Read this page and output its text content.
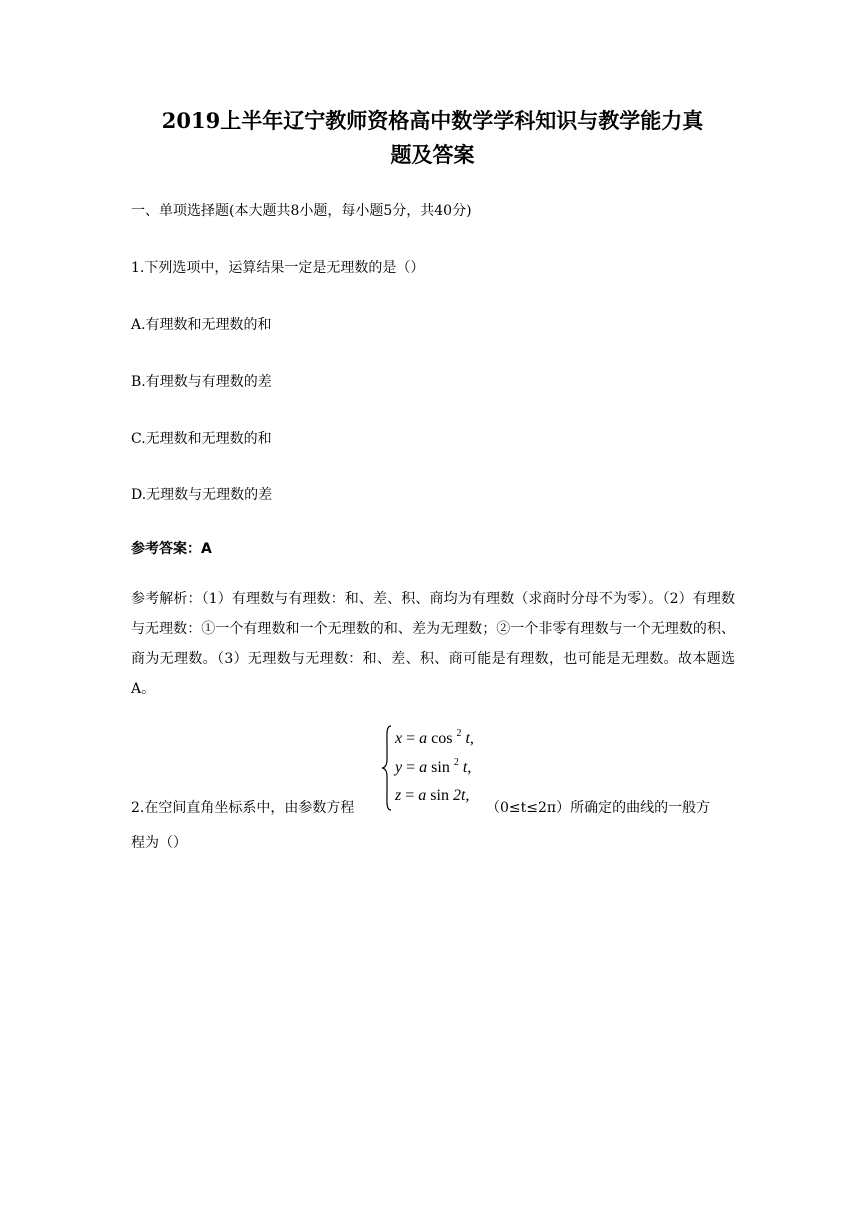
2019上半年辽宁教师资格高中数学学科知识与教学能力真
题及答案
一、单项选择题(本大题共8小题，每小题5分，共40分)
1.下列选项中，运算结果一定是无理数的是（）
A.有理数和无理数的和
B.有理数与有理数的差
C.无理数和无理数的和
D.无理数与无理数的差
参考答案：A
参考解析：（1）有理数与有理数：和、差、积、商均为有理数（求商时分母不为零）。（2）有理数与无理数：①一个有理数和一个无理数的和、差为无理数；②一个非零有理数与一个无理数的积、商为无理数。（3）无理数与无理数：和、差、积、商可能是有理数，也可能是无理数。故本题选A。
x = a cos $^2$ t,
y = a sin $^2$ t,
z = a sin 2t,
2.在空间直角坐标系中，由参数方程	（0≤t≤2π）所确定的曲线的一般方
程为（）
